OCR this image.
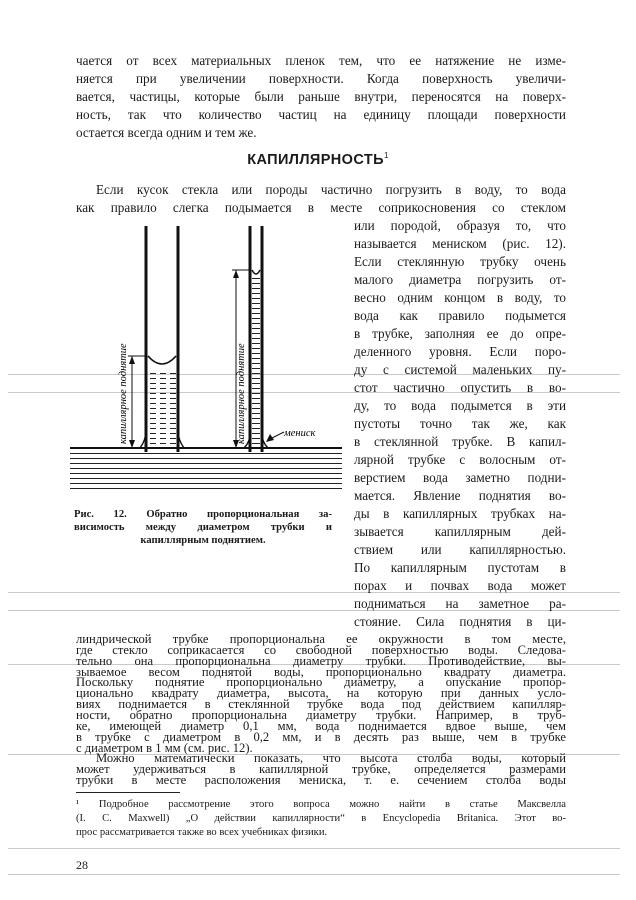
чается от всех материальных пленок тем, что ее натяжение не изме-
няется при увеличении поверхности. Когда поверхность увеличи-
вается, частицы, которые были раньше внутри, переносятся на поверх-
ность, так что количество частиц на единицу площади поверхности
остается всегда одним и тем же.
КАПИЛЛЯРНОСТЬ$^1$
Если кусок стекла или породы частично погрузить в воду, то вода
как правило слегка подымается в месте соприкосновения со стеклом
или породой, образуя то, что
называется мениском (рис. 12).
Если стеклянную трубку очень
малого диаметра погрузить от-
весно одним концом в воду, то
вода как правило подымется
в трубке, заполняя ее до опре-
деленного уровня. Если поро-
ду с системой маленьких пу-
стот частично опустить в во-
ду, то вода подымется в эти
пустоты точно так же, как
в стеклянной трубке. В капил-
лярной трубке с волосным от-
верстием вода заметно подни-
мается. Явление поднятия во-
ды в капиллярных трубках на-
зывается капиллярным дей-
ствием или капиллярностью.
По капиллярным пустотам в
порах и почвах вода может
подниматься на заметное ра-
стояние. Сила поднятия в ци-
капиллярное поднятие	капиллярное поднятие	мениск
Рис. 12. Обратно пропорциональная за-
висимость между диаметром трубки и
капиллярным поднятием.
линдрической трубке пропорциональна ее окружности в том месте,
где стекло соприкасается со свободной поверхностью воды. Следова-
тельно она пропорциональна диаметру трубки. Противодействие, вы-
зываемое весом поднятой воды, пропорционально квадрату диаметра.
Поскольку поднятие пропорционально диаметру, а опускание пропор-
ционально квадрату диаметра, высота, на которую при данных усло-
виях поднимается в стеклянной трубке вода под действием капилляр-
ности, обратно пропорциональна диаметру трубки. Например, в труб-
ке, имеющей диаметр 0,1 мм, вода поднимается вдвое выше, чем
в трубке с диаметром в 0,2 мм, и в десять раз выше, чем в трубке
с диаметром в 1 мм (см. рис. 12).
Можно математически показать, что высота столба воды, который
может удерживаться в капиллярной трубке, определяется размерами
трубки в месте расположения мениска, т. е. сечением столба воды
¹ Подробное рассмотрение этого вопроса можно найти в статье Максвелла
(I. C. Maxwell) „О действии капиллярности“ в Encyclopedia Britanica. Этот во-
прос рассматривается также во всех учебниках физики.
28
